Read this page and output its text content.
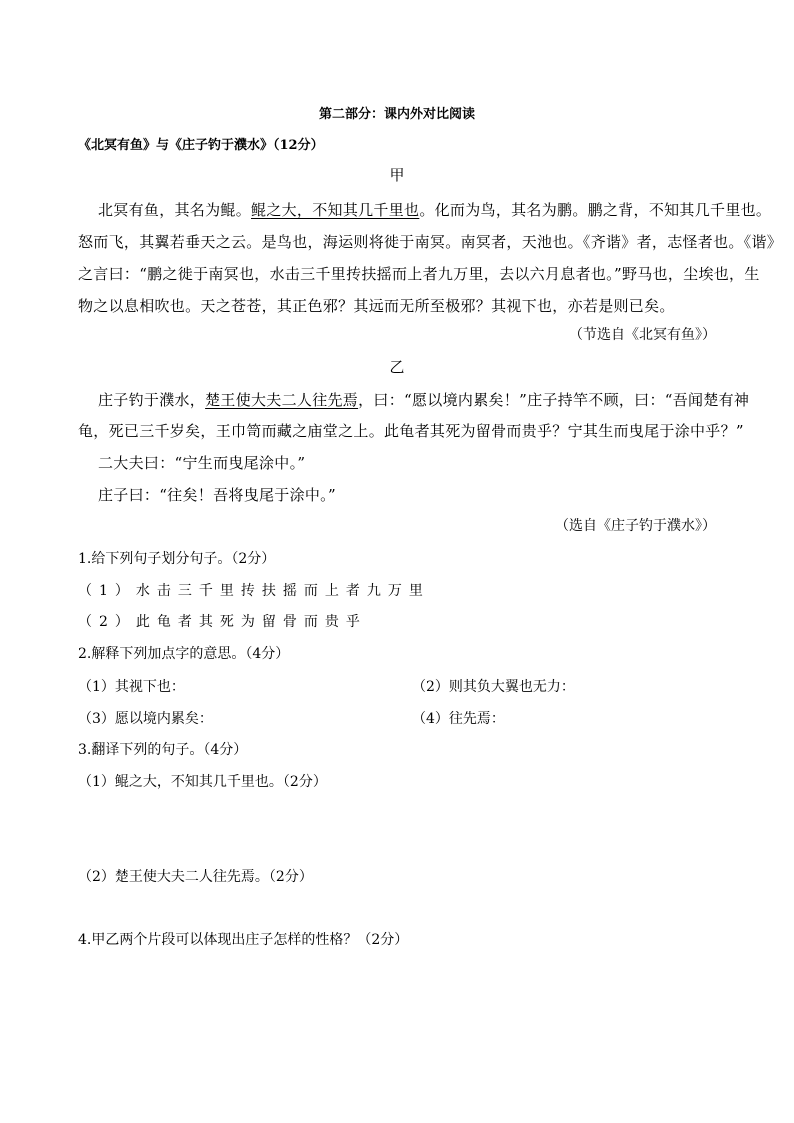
第二部分：课内外对比阅读
《北冥有鱼》与《庄子钓于濮水》（12分）
甲
北冥有鱼，其名为鲲。鲲之大，不知其几千里也。化而为鸟，其名为鹏。鹏之背，不知其几千里也。
怒而飞，其翼若垂天之云。是鸟也，海运则将徙于南冥。南冥者，天池也。《齐谐》者，志怪者也。《谐》
之言曰：“鹏之徙于南冥也，水击三千里抟扶摇而上者九万里，去以六月息者也。”野马也，尘埃也，生
物之以息相吹也。天之苍苍，其正色邪？其远而无所至极邪？其视下也，亦若是则已矣。
（节选自《北冥有鱼》）
乙
庄子钓于濮水，楚王使大夫二人往先焉，曰：“愿以境内累矣！”庄子持竿不顾，曰：“吾闻楚有神
龟，死已三千岁矣，王巾笥而藏之庙堂之上。此龟者其死为留骨而贵乎？宁其生而曳尾于涂中乎？”
二大夫曰：“宁生而曳尾涂中。”
庄子曰：“往矣！吾将曳尾于涂中。”
（选自《庄子钓于濮水》）
1.给下列句子划分句子。（2分）
（1）水击三千里抟扶摇而上者九万里
（2）此龟者其死为留骨而贵乎
2.解释下列加点字的意思。（4分）
（1）其视下也：	（2）则其负大翼也无力：
（3）愿以境内累矣：	（4）往先焉：
3.翻译下列的句子。（4分）
（1）鲲之大，不知其几千里也。（2分）
（2）楚王使大夫二人往先焉。（2分）
4.甲乙两个片段可以体现出庄子怎样的性格？（2分）
